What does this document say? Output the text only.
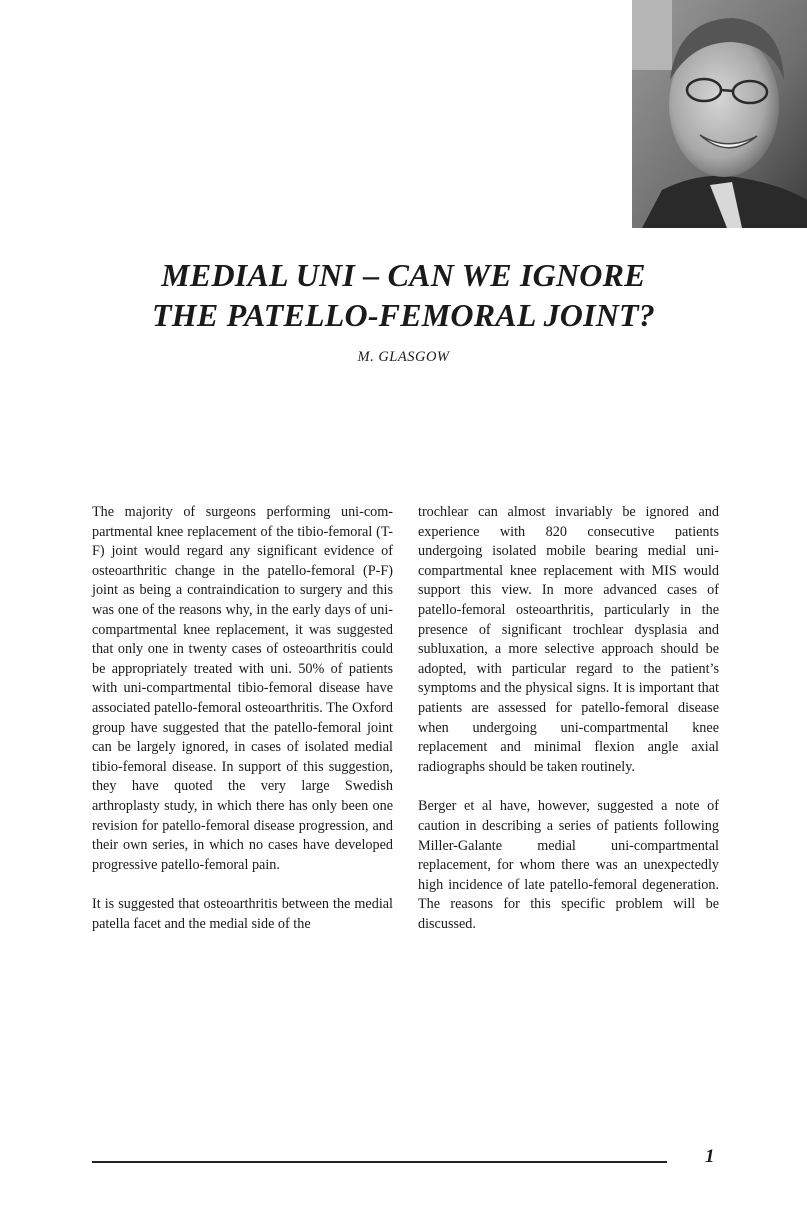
MEDIAL UNI – CAN WE IGNORE
THE PATELLO-FEMORAL JOINT?
M. GLASGOW

The majority of surgeons performing uni-compartmental knee replacement of the tibio-femoral (T-F) joint would regard any significant evidence of osteoarthritic change in the patello-femoral (P-F) joint as being a contraindication to surgery and this was one of the reasons why, in the early days of uni-compartmental knee replacement, it was suggested that only one in twenty cases of osteoarthritis could be appropriately treated with uni. 50% of patients with uni-compartmental tibio-femoral disease have associated patello-femoral osteoarthritis. The Oxford group have suggested that the patello-femoral joint can be largely ignored, in cases of isolated medial tibio-femoral disease. In support of this suggestion, they have quoted the very large Swedish arthroplasty study, in which there has only been one revision for patello-femoral disease progression, and their own series, in which no cases have developed progressive patello-femoral pain.

It is suggested that osteoarthritis between the medial patella facet and the medial side of the

trochlear can almost invariably be ignored and experience with 820 consecutive patients undergoing isolated mobile bearing medial uni-compartmental knee replacement with MIS would support this view. In more advanced cases of patello-femoral osteoarthritis, particularly in the presence of significant trochlear dysplasia and subluxation, a more selective approach should be adopted, with particular regard to the patient’s symptoms and the physical signs. It is important that patients are assessed for patello-femoral disease when undergoing uni-compartmental knee replacement and minimal flexion angle axial radiographs should be taken routinely.

Berger et al have, however, suggested a note of caution in describing a series of patients following Miller-Galante medial uni-compartmental replacement, for whom there was an unexpectedly high incidence of late patello-femoral degeneration. The reasons for this specific problem will be discussed.

1
